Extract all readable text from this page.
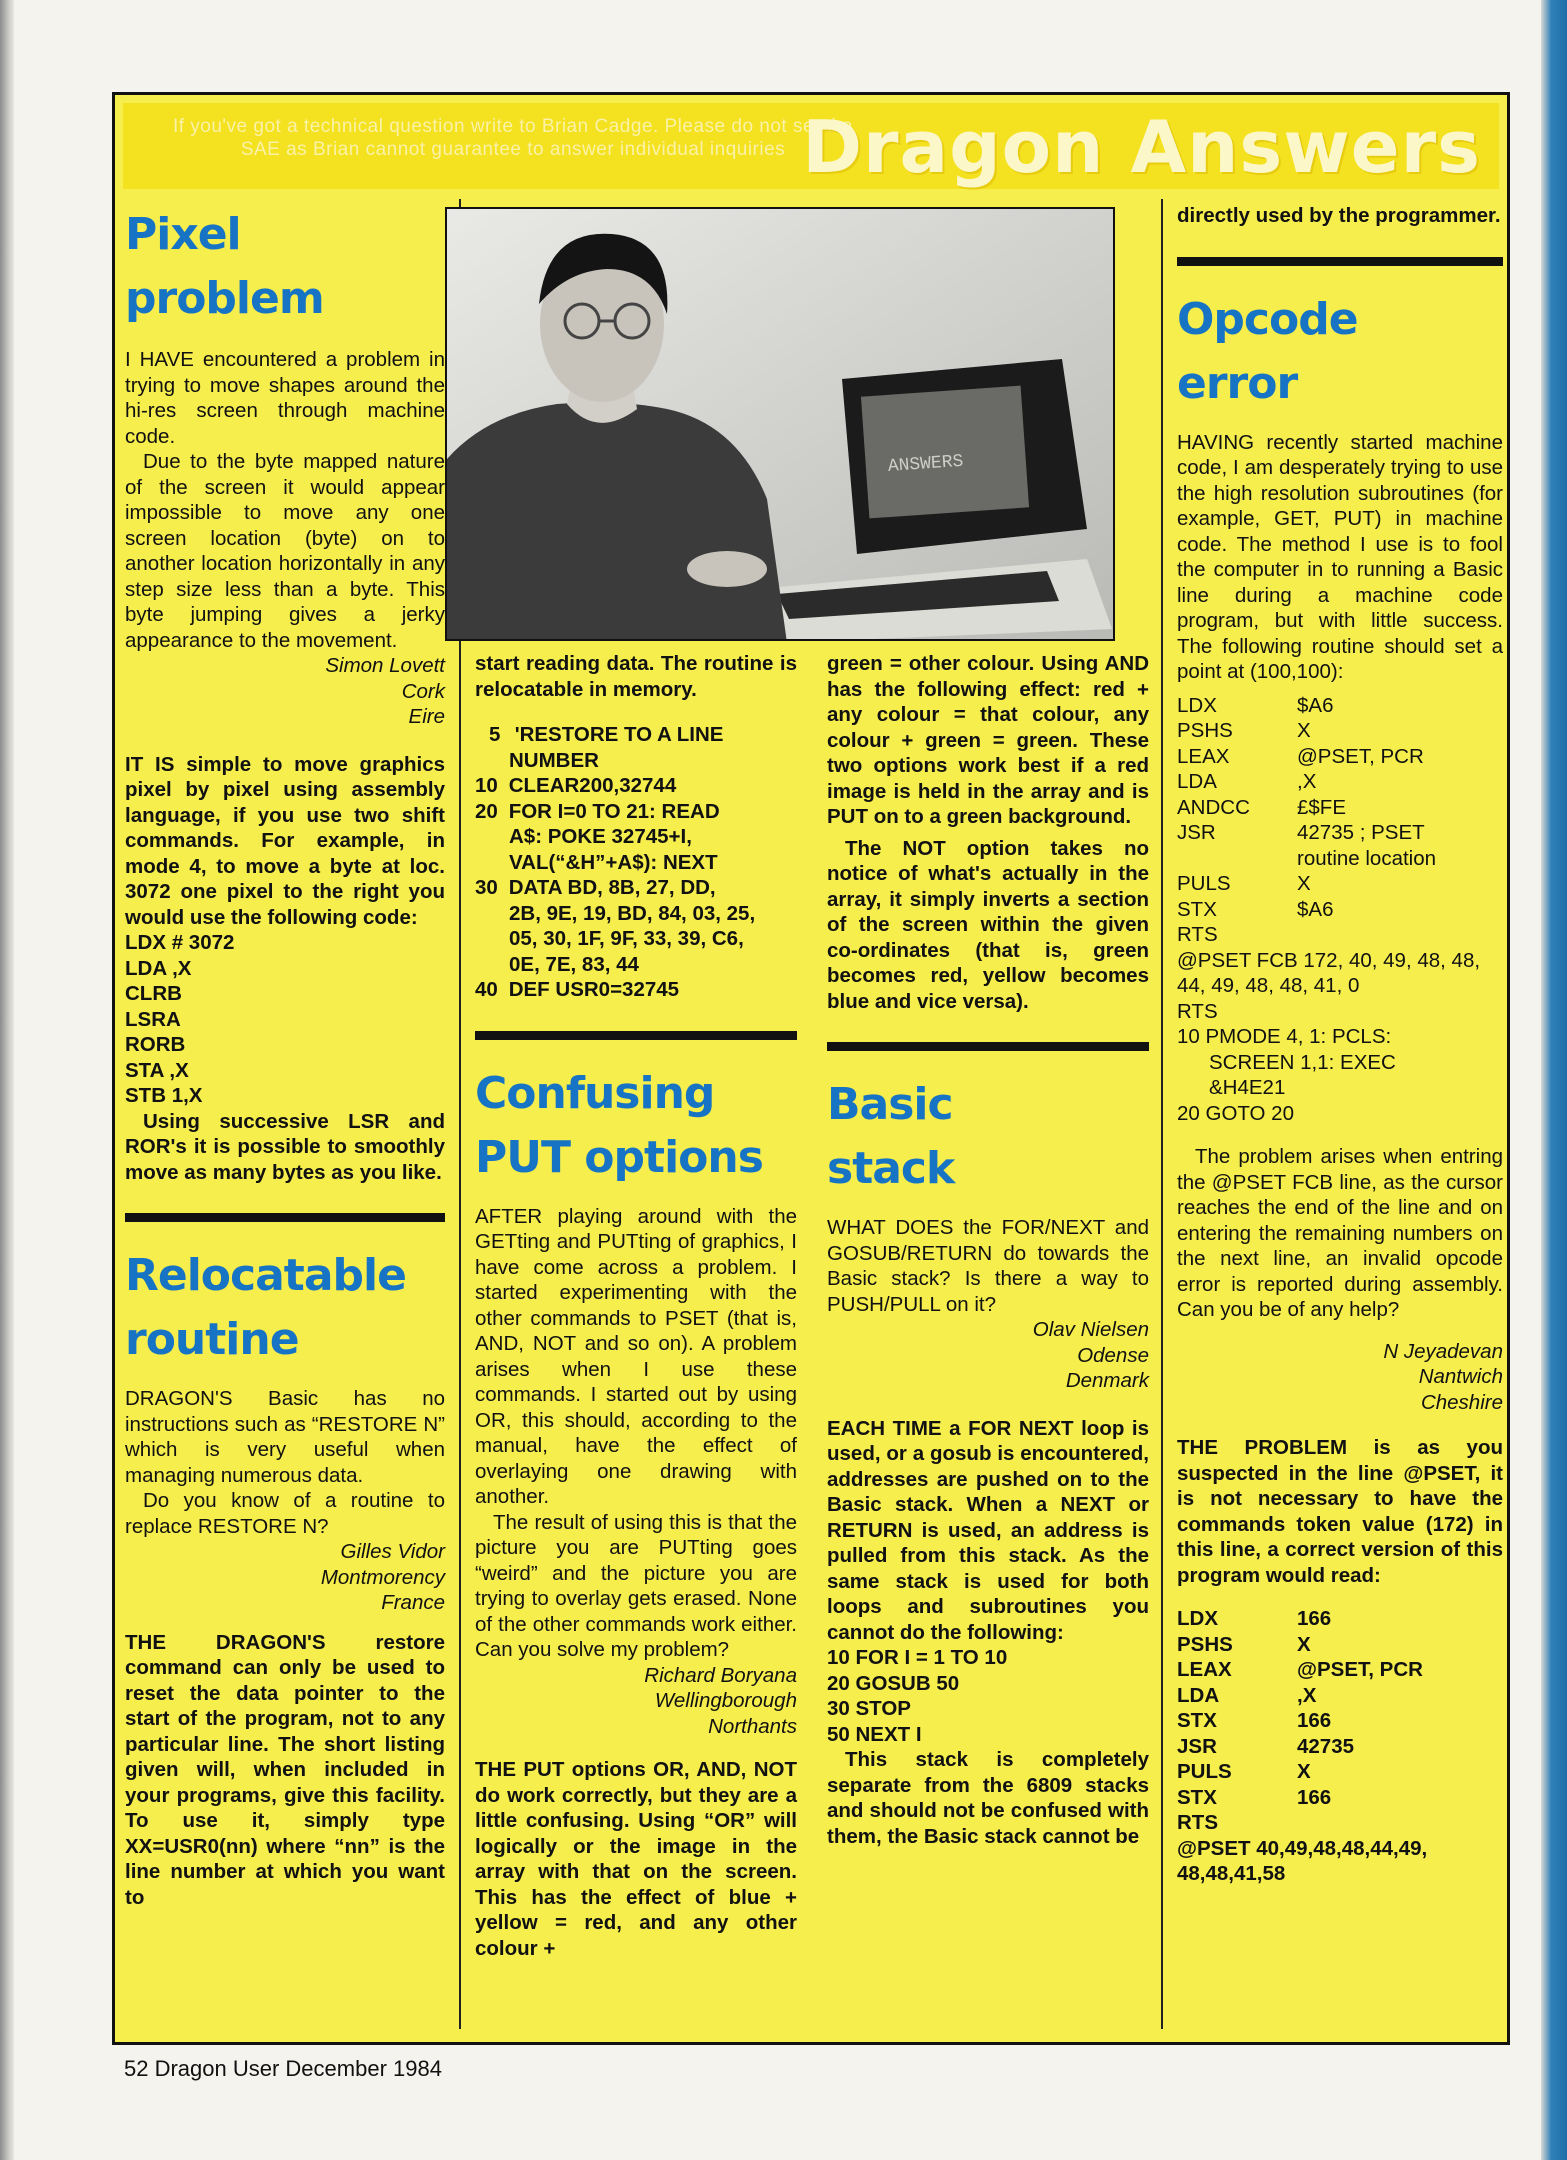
If you've got a technical question write to Brian Cadge. Please do not send a SAE as Brian cannot guarantee to answer individual inquiries Dragon Answers
Pixel
problem

I HAVE encountered a problem in trying to move shapes around the hi-res screen through machine code.

Due to the byte mapped nature of the screen it would appear impossible to move any one screen location (byte) on to another location horizontally in any step size less than a byte. This byte jumping gives a jerky appearance to the movement.

Simon Lovett

Cork

Eire

IT IS simple to move graphics pixel by pixel using assembly language, if you use two shift commands. For example, in mode 4, to move a byte at loc. 3072 one pixel to the right you would use the following code:

LDX # 3072
LDA ,X
CLRB
LSRA
RORB
STA ,X
STB 1,X

Using successive LSR and ROR's it is possible to smoothly move as many bytes as you like.

Relocatable
routine

DRAGON'S Basic has no instructions such as “RESTORE N” which is very useful when managing numerous data.

Do you know of a routine to replace RESTORE N?

Gilles Vidor

Montmorency

France

THE DRAGON'S restore command can only be used to reset the data pointer to the start of the program, not to any particular line. The short listing given will, when included in your programs, give this facility. To use it, simply type XX=USR0(nn) where “nn” is the line number at which you want to

ANSWERS

start reading data. The routine is relocatable in memory.

5 'RESTORE TO A LINE
NUMBER
10 CLEAR200,32744
20 FOR I=0 TO 21: READ
A$: POKE 32745+I,
VAL(“&H”+A$): NEXT
30 DATA BD, 8B, 27, DD,
2B, 9E, 19, BD, 84, 03, 25,
05, 30, 1F, 9F, 33, 39, C6,
0E, 7E, 83, 44
40 DEF USR0=32745
Confusing
PUT options

AFTER playing around with the GETting and PUTting of graphics, I have come across a problem. I started experimenting with the other commands to PSET (that is, AND, NOT and so on). A problem arises when I use these commands. I started out by using OR, this should, according to the manual, have the effect of overlaying one drawing with another.

The result of using this is that the picture you are PUTting goes “weird” and the picture you are trying to overlay gets erased. None of the other commands work either. Can you solve my problem?

Richard Boryana

Wellingborough

Northants

THE PUT options OR, AND, NOT do work correctly, but they are a little confusing. Using “OR” will logically or the image in the array with that on the screen. This has the effect of blue + yellow = red, and any other colour +

green = other colour. Using AND has the following effect: red + any colour = that colour, any colour + green = green. These two options work best if a red image is held in the array and is PUT on to a green background.

The NOT option takes no notice of what's actually in the array, it simply inverts a section of the screen within the given co-ordinates (that is, green becomes red, yellow becomes blue and vice versa).

Basic
stack

WHAT DOES the FOR/NEXT and GOSUB/RETURN do towards the Basic stack? Is there a way to PUSH/PULL on it?

Olav Nielsen

Odense

Denmark

EACH TIME a FOR NEXT loop is used, or a gosub is encountered, addresses are pushed on to the Basic stack. When a NEXT or RETURN is used, an address is pulled from this stack. As the same stack is used for both loops and subroutines you cannot do the following:

10 FOR I = 1 TO 10
20 GOSUB 50
30 STOP
50 NEXT I

This stack is completely separate from the 6809 stacks and should not be confused with them, the Basic stack cannot be

directly used by the programmer.

Opcode
error

HAVING recently started machine code, I am desperately trying to use the high resolution subroutines (for example, GET, PUT) in machine code. The method I use is to fool the computer in to running a Basic line during a machine code program, but with little success. The following routine should set a point at (100,100):

LDX	$A6
PSHS	X
LEAX	@PSET, PCR
LDA	,X
ANDCC	£$FE
JSR	42735 ; PSET
routine location
PULS	X
STX	$A6
RTS

@PSET FCB 172, 40, 49, 48, 48, 44, 49, 48, 48, 41, 0

RTS

10 PMODE 4, 1: PCLS:
SCREEN 1,1: EXEC
&H4E21
20 GOTO 20

The problem arises when entring the @PSET FCB line, as the cursor reaches the end of the line and on entering the remaining numbers on the next line, an invalid opcode error is reported during assembly. Can you be of any help?

N Jeyadevan

Nantwich

Cheshire

THE PROBLEM is as you suspected in the line @PSET, it is not necessary to have the commands token value (172) in this line, a correct version of this program would read:

LDX	166
PSHS	X
LEAX	@PSET, PCR
LDA	,X
STX	166
JSR	42735
PULS	X
STX	166
RTS

@PSET 40,49,48,48,44,49, 48,48,41,58

52 Dragon User December 1984
